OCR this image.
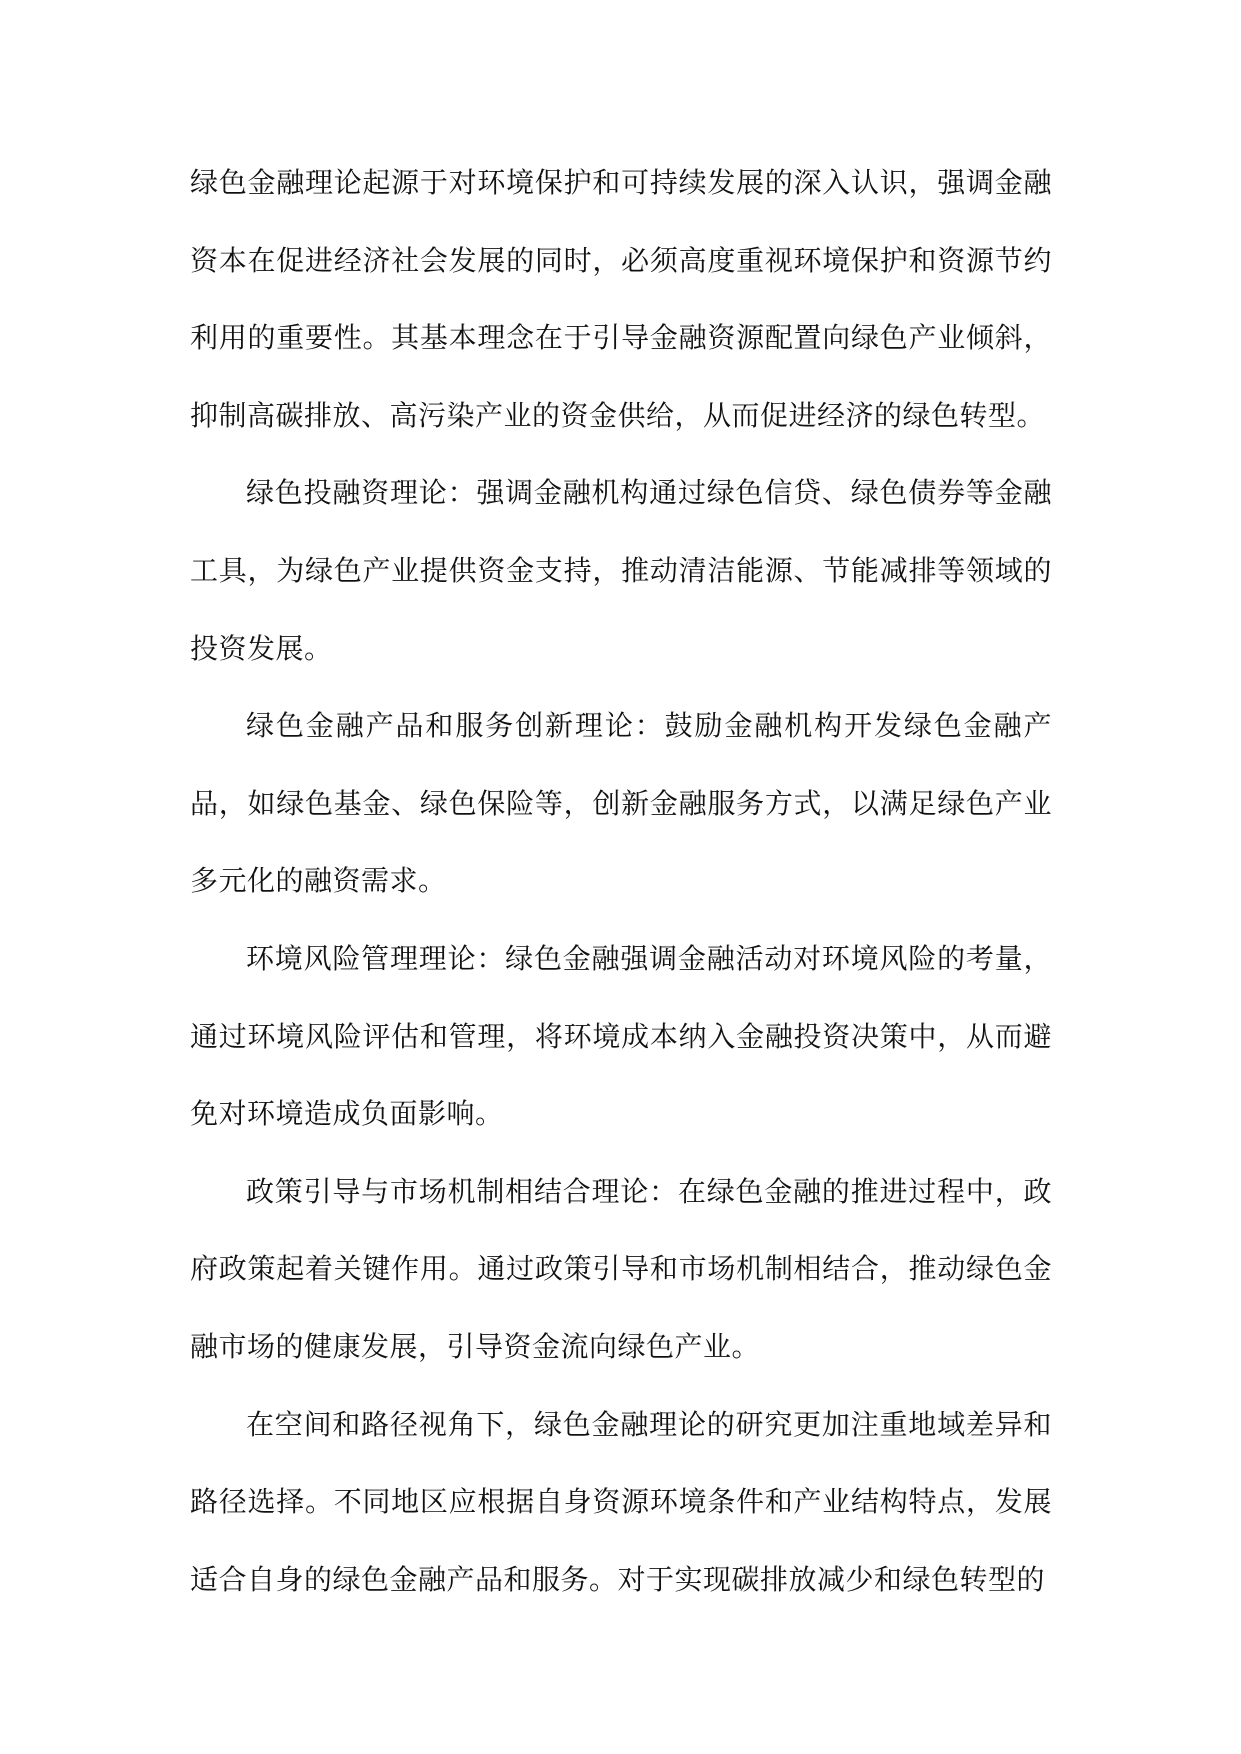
绿色金融理论起源于对环境保护和可持续发展的深入认识，强调金融资本在促进经济社会发展的同时，必须高度重视环境保护和资源节约利用的重要性。其基本理念在于引导金融资源配置向绿色产业倾斜，抑制高碳排放、高污染产业的资金供给，从而促进经济的绿色转型。

绿色投融资理论：强调金融机构通过绿色信贷、绿色债券等金融工具，为绿色产业提供资金支持，推动清洁能源、节能减排等领域的投资发展。

绿色金融产品和服务创新理论：鼓励金融机构开发绿色金融产品，如绿色基金、绿色保险等，创新金融服务方式，以满足绿色产业多元化的融资需求。

环境风险管理理论：绿色金融强调金融活动对环境风险的考量，通过环境风险评估和管理，将环境成本纳入金融投资决策中，从而避免对环境造成负面影响。

政策引导与市场机制相结合理论：在绿色金融的推进过程中，政府政策起着关键作用。通过政策引导和市场机制相结合，推动绿色金融市场的健康发展，引导资金流向绿色产业。

在空间和路径视角下，绿色金融理论的研究更加注重地域差异和路径选择。不同地区应根据自身资源环境条件和产业结构特点，发展适合自身的绿色金融产品和服务。对于实现碳排放减少和绿色转型的
